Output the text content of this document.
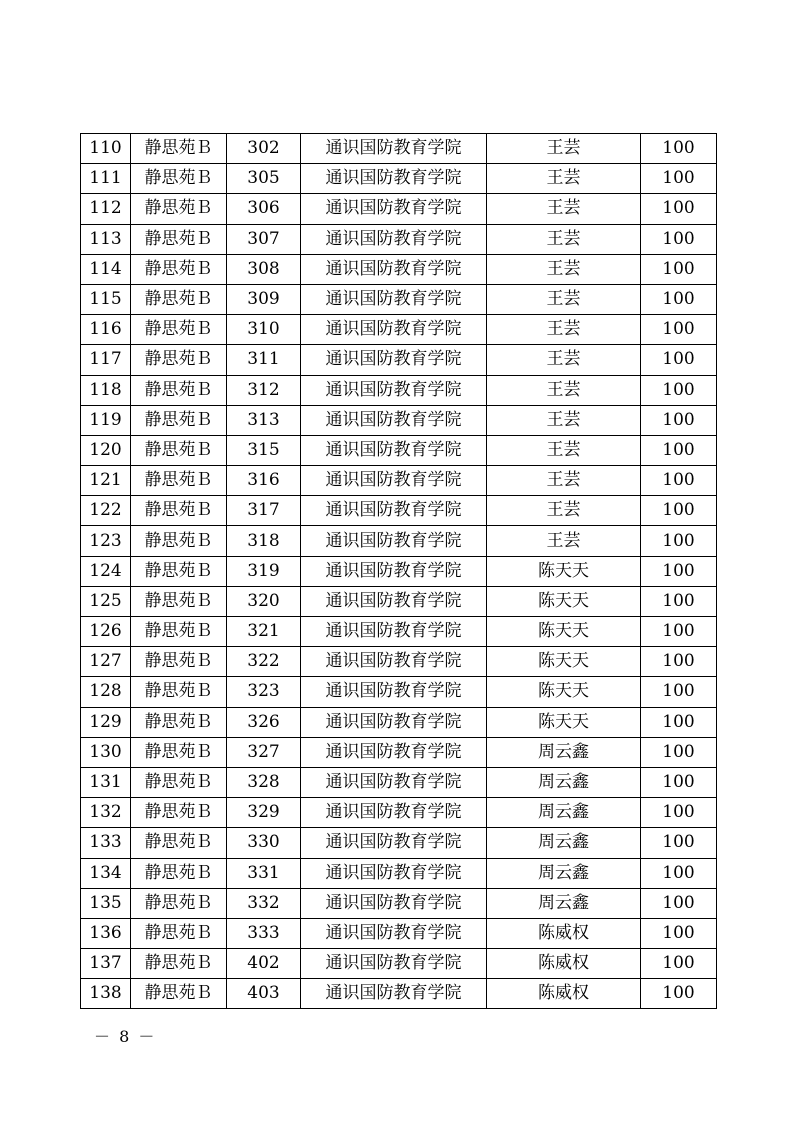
110	静思苑Ｂ	302	通识国防教育学院	王芸	100
111	静思苑Ｂ	305	通识国防教育学院	王芸	100
112	静思苑Ｂ	306	通识国防教育学院	王芸	100
113	静思苑Ｂ	307	通识国防教育学院	王芸	100
114	静思苑Ｂ	308	通识国防教育学院	王芸	100
115	静思苑Ｂ	309	通识国防教育学院	王芸	100
116	静思苑Ｂ	310	通识国防教育学院	王芸	100
117	静思苑Ｂ	311	通识国防教育学院	王芸	100
118	静思苑Ｂ	312	通识国防教育学院	王芸	100
119	静思苑Ｂ	313	通识国防教育学院	王芸	100
120	静思苑Ｂ	315	通识国防教育学院	王芸	100
121	静思苑Ｂ	316	通识国防教育学院	王芸	100
122	静思苑Ｂ	317	通识国防教育学院	王芸	100
123	静思苑Ｂ	318	通识国防教育学院	王芸	100
124	静思苑Ｂ	319	通识国防教育学院	陈天天	100
125	静思苑Ｂ	320	通识国防教育学院	陈天天	100
126	静思苑Ｂ	321	通识国防教育学院	陈天天	100
127	静思苑Ｂ	322	通识国防教育学院	陈天天	100
128	静思苑Ｂ	323	通识国防教育学院	陈天天	100
129	静思苑Ｂ	326	通识国防教育学院	陈天天	100
130	静思苑Ｂ	327	通识国防教育学院	周云鑫	100
131	静思苑Ｂ	328	通识国防教育学院	周云鑫	100
132	静思苑Ｂ	329	通识国防教育学院	周云鑫	100
133	静思苑Ｂ	330	通识国防教育学院	周云鑫	100
134	静思苑Ｂ	331	通识国防教育学院	周云鑫	100
135	静思苑Ｂ	332	通识国防教育学院	周云鑫	100
136	静思苑Ｂ	333	通识国防教育学院	陈威权	100
137	静思苑Ｂ	402	通识国防教育学院	陈威权	100
138	静思苑Ｂ	403	通识国防教育学院	陈威权	100
－ 8 －
